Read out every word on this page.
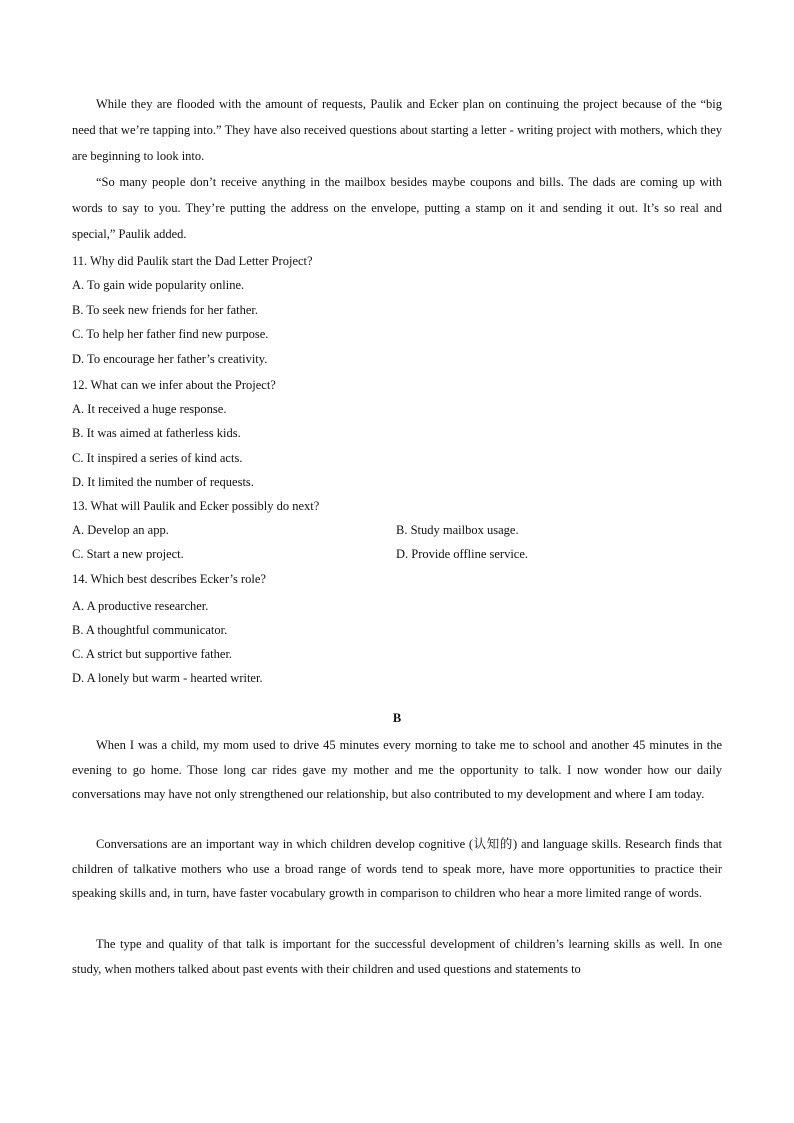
While they are flooded with the amount of requests, Paulik and Ecker plan on continuing the project because of the “big need that we’re tapping into.” They have also received questions about starting a letter - writing project with mothers, which they are beginning to look into.

“So many people don’t receive anything in the mailbox besides maybe coupons and bills. The dads are coming up with words to say to you. They’re putting the address on the envelope, putting a stamp on it and sending it out. It’s so real and special,” Paulik added.

11. Why did Paulik start the Dad Letter Project?
A. To gain wide popularity online.
B. To seek new friends for her father.
C. To help her father find new purpose.
D. To encourage her father’s creativity.
12. What can we infer about the Project?
A. It received a huge response.
B. It was aimed at fatherless kids.
C. It inspired a series of kind acts.
D. It limited the number of requests.
13. What will Paulik and Ecker possibly do next?
A. Develop an app.	B. Study mailbox usage.
C. Start a new project.	D. Provide offline service.
14. Which best describes Ecker’s role?
A. A productive researcher.
B. A thoughtful communicator.
C. A strict but supportive father.
D. A lonely but warm - hearted writer.
B

When I was a child, my mom used to drive 45 minutes every morning to take me to school and another 45 minutes in the evening to go home. Those long car rides gave my mother and me the opportunity to talk. I now wonder how our daily conversations may have not only strengthened our relationship, but also contributed to my development and where I am today.

Conversations are an important way in which children develop cognitive (认知的) and language skills. Research finds that children of talkative mothers who use a broad range of words tend to speak more, have more opportunities to practice their speaking skills and, in turn, have faster vocabulary growth in comparison to children who hear a more limited range of words.

The type and quality of that talk is important for the successful development of children’s learning skills as well. In one study, when mothers talked about past events with their children and used questions and statements to
